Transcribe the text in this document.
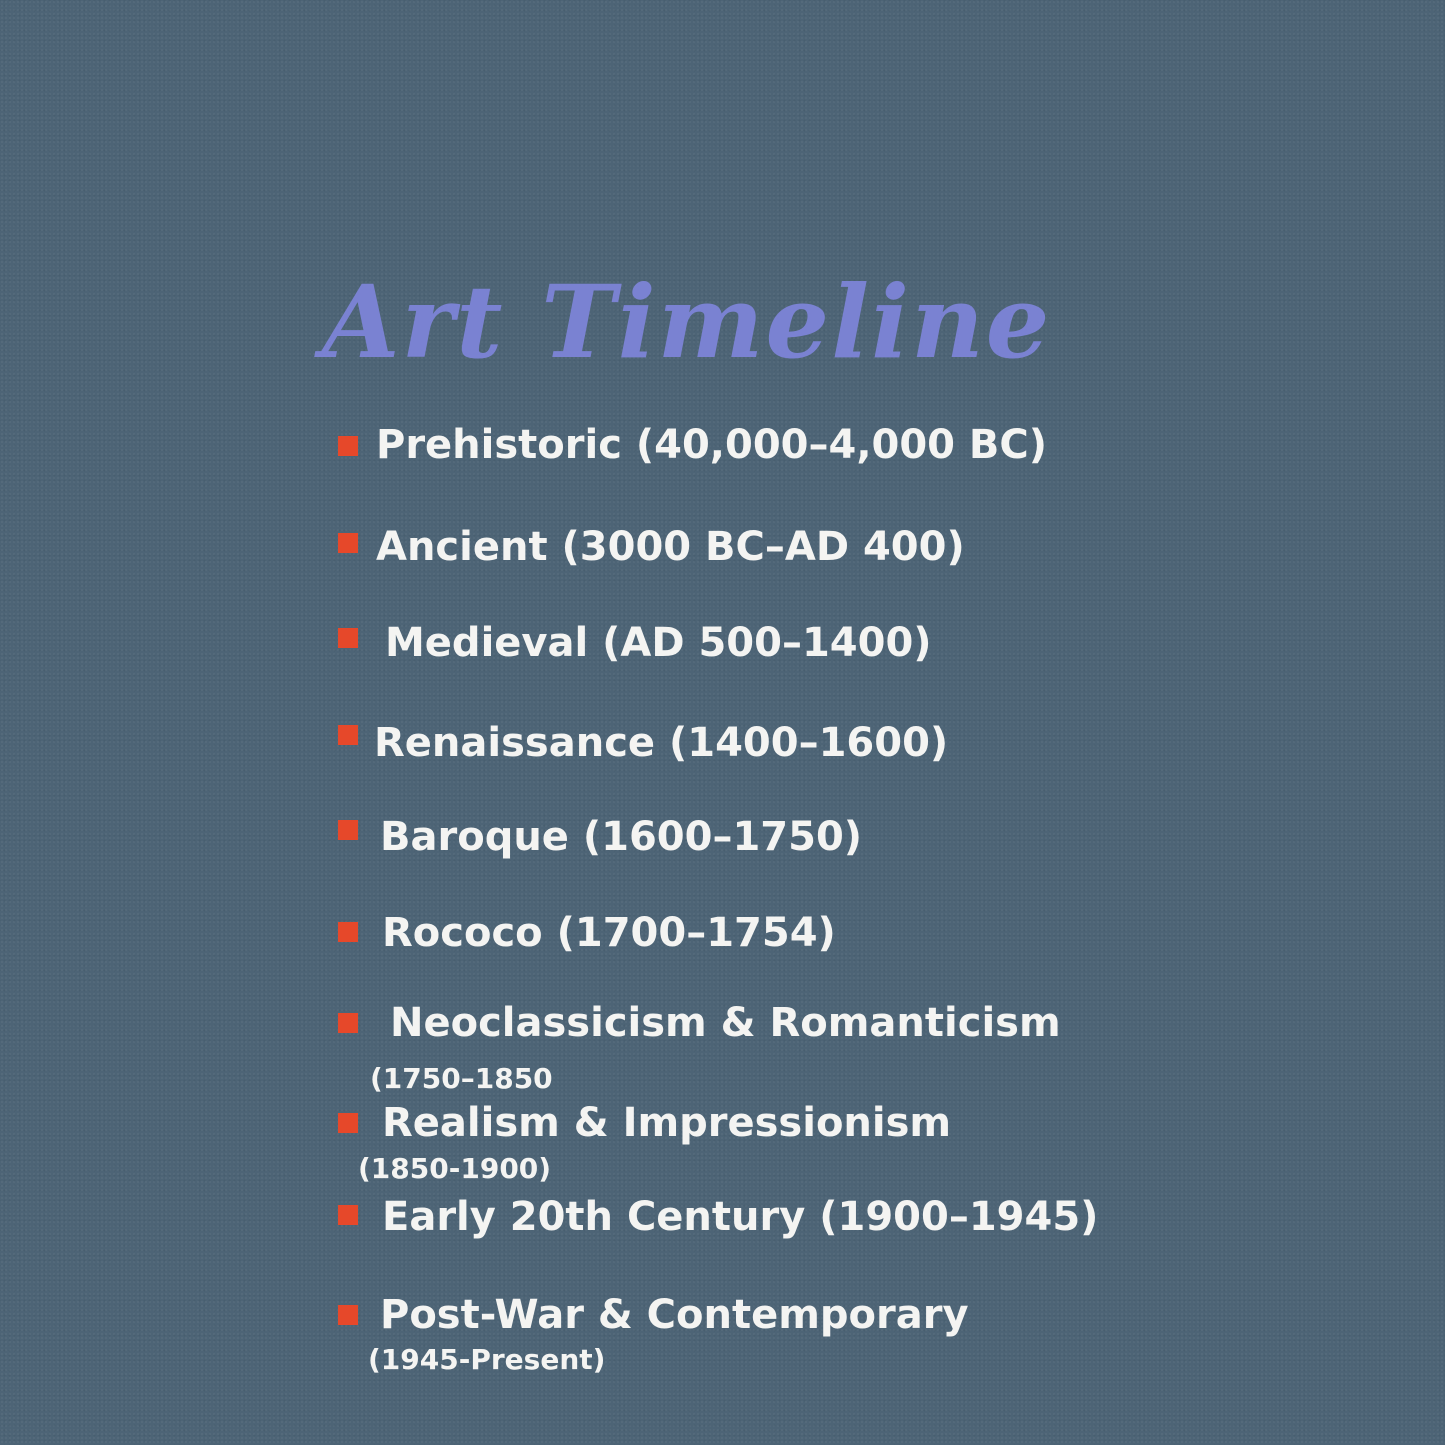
Art Timeline
Prehistoric (40,000–4,000 BC)
Ancient (3000 BC–AD 400)
Medieval (AD 500–1400)
Renaissance (1400–1600)
Baroque (1600–1750)
Rococo (1700–1754)
Neoclassicism & Romanticism
(1750–1850
Realism & Impressionism
(1850-1900)
Early 20th Century (1900–1945)
Post-War & Contemporary
(1945-Present)
